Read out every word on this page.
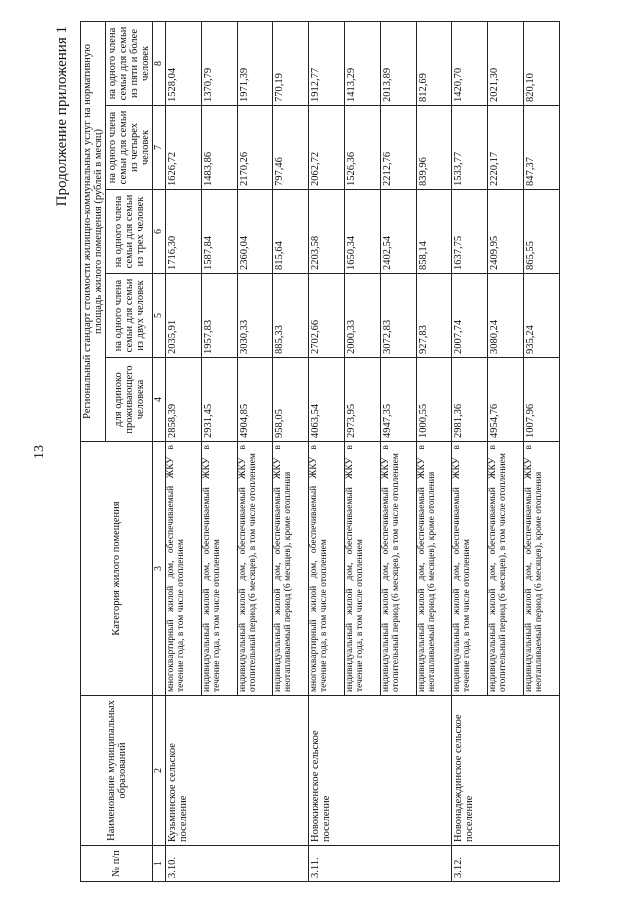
13
Продолжение приложения 1
№ п/п	Наименование муниципальных образований	Категория жилого помещения	Региональный стандарт стоимости жилищно-коммунальных услуг на нормативную площадь жилого помещения (рублей в месяц)				
			для одиноко проживающего человека	на одного члена семьи для семьи из двух человек	на одного члена семьи для семьи из трех человек	на одного члена семьи для семьи из четырех человек	на одного члена семьи для семьи из пяти и более человек
1	2	3	4	5	6	7	8
3.10.	Кузьминское сельское поселение	многоквартирный жилой дом, обеспечиваемый ЖКУ в течение года, в том числе отоплением	2858,39	2035,91	1716,30	1626,72	1528,04
		индивидуальный жилой дом, обеспечиваемый ЖКУ в течение года, в том числе отоплением	2931,45	1957,83	1587,84	1483,86	1370,79
		индивидуальный жилой дом, обеспечиваемый ЖКУ в отопительный период (6 месяцев), в том числе отоплением	4904,85	3030,33	2360,04	2170,26	1971,39
		индивидуальный жилой дом, обеспечиваемый ЖКУ в неотапливаемый период (6 месяцев), кроме отопления	958,05	885,33	815,64	797,46	770,19
3.11.	Новокиженское сельское поселение	многоквартирный жилой дом, обеспечиваемый ЖКУ в течение года, в том числе отоплением	4063,54	2702,66	2203,58	2062,72	1912,77
		индивидуальный жилой дом, обеспечиваемый ЖКУ в течение года, в том числе отоплением	2973,95	2000,33	1650,34	1526,36	1413,29
		индивидуальный жилой дом, обеспечиваемый ЖКУ в отопительный период (6 месяцев), в том числе отоплением	4947,35	3072,83	2402,54	2212,76	2013,89
		индивидуальный жилой дом, обеспечиваемый ЖКУ в неотапливаемый период (6 месяцев), кроме отопления	1000,55	927,83	858,14	839,96	812,69
3.12.	Новонадеждинское сельское поселение	индивидуальный жилой дом, обеспечиваемый ЖКУ в течение года, в том числе отоплением	2981,36	2007,74	1637,75	1533,77	1420,70
		индивидуальный жилой дом, обеспечиваемый ЖКУ в отопительный период (6 месяцев), в том числе отоплением	4954,76	3080,24	2409,95	2220,17	2021,30
		индивидуальный жилой дом, обеспечиваемый ЖКУ в неотапливаемый период (6 месяцев), кроме отопления	1007,96	935,24	865,55	847,37	820,10
